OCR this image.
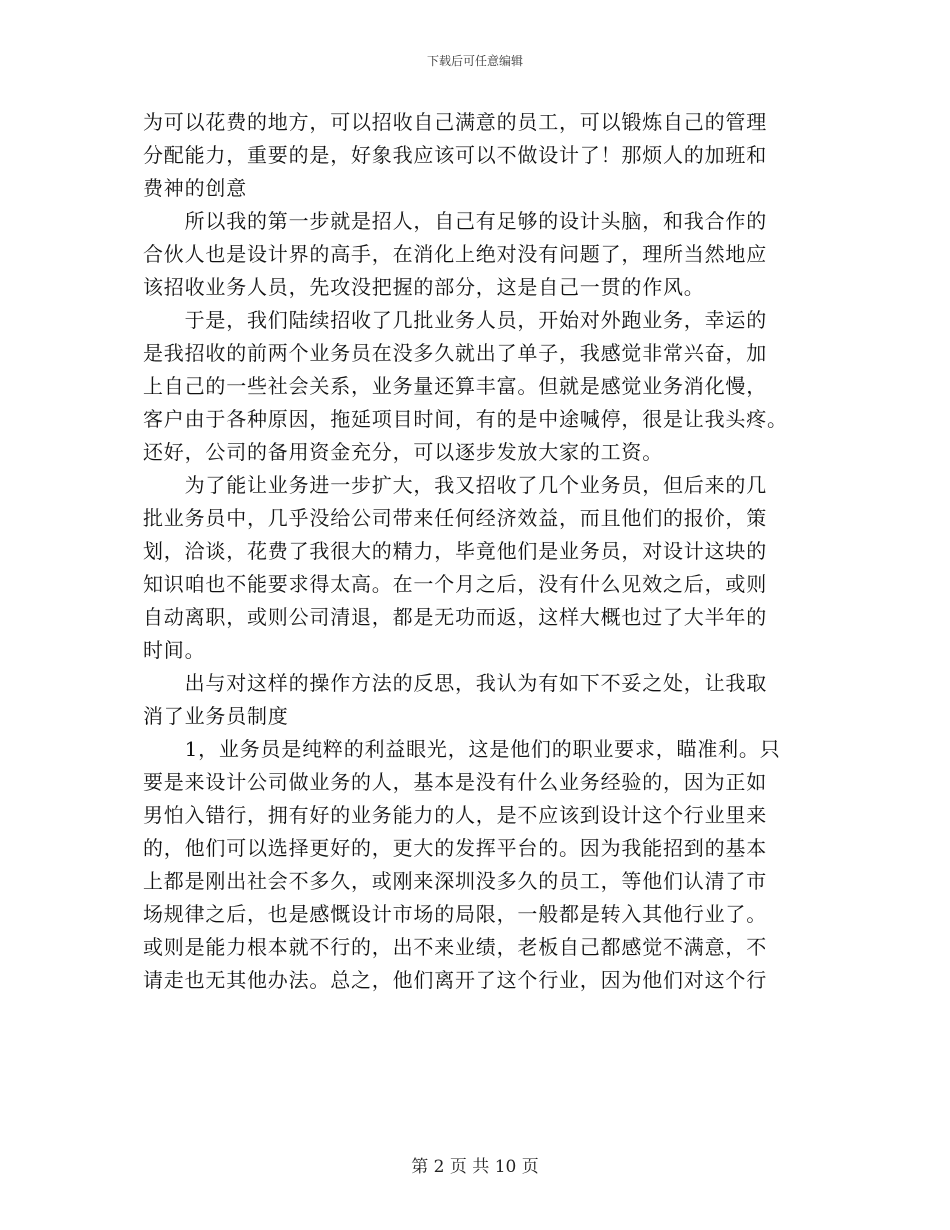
下载后可任意编辑
为可以花费的地方，可以招收自己满意的员工，可以锻炼自己的管理
分配能力，重要的是，好象我应该可以不做设计了！那烦人的加班和
费神的创意
　　所以我的第一步就是招人，自己有足够的设计头脑，和我合作的
合伙人也是设计界的高手，在消化上绝对没有问题了，理所当然地应
该招收业务人员，先攻没把握的部分，这是自己一贯的作风。
　　于是，我们陆续招收了几批业务人员，开始对外跑业务，幸运的
是我招收的前两个业务员在没多久就出了单子，我感觉非常兴奋，加
上自己的一些社会关系，业务量还算丰富。但就是感觉业务消化慢，
客户由于各种原因，拖延项目时间，有的是中途喊停，很是让我头疼。
还好，公司的备用资金充分，可以逐步发放大家的工资。
　　为了能让业务进一步扩大，我又招收了几个业务员，但后来的几
批业务员中，几乎没给公司带来任何经济效益，而且他们的报价，策
划，洽谈，花费了我很大的精力，毕竟他们是业务员，对设计这块的
知识咱也不能要求得太高。在一个月之后，没有什么见效之后，或则
自动离职，或则公司清退，都是无功而返，这样大概也过了大半年的
时间。
　　出与对这样的操作方法的反思，我认为有如下不妥之处，让我取
消了业务员制度
　　1，业务员是纯粹的利益眼光，这是他们的职业要求，瞄准利。只
要是来设计公司做业务的人，基本是没有什么业务经验的，因为正如
男怕入错行，拥有好的业务能力的人，是不应该到设计这个行业里来
的，他们可以选择更好的，更大的发挥平台的。因为我能招到的基本
上都是刚出社会不多久，或刚来深圳没多久的员工，等他们认清了市
场规律之后，也是感慨设计市场的局限，一般都是转入其他行业了。
或则是能力根本就不行的，出不来业绩，老板自己都感觉不满意，不
请走也无其他办法。总之，他们离开了这个行业，因为他们对这个行
第 2 页 共 10 页
